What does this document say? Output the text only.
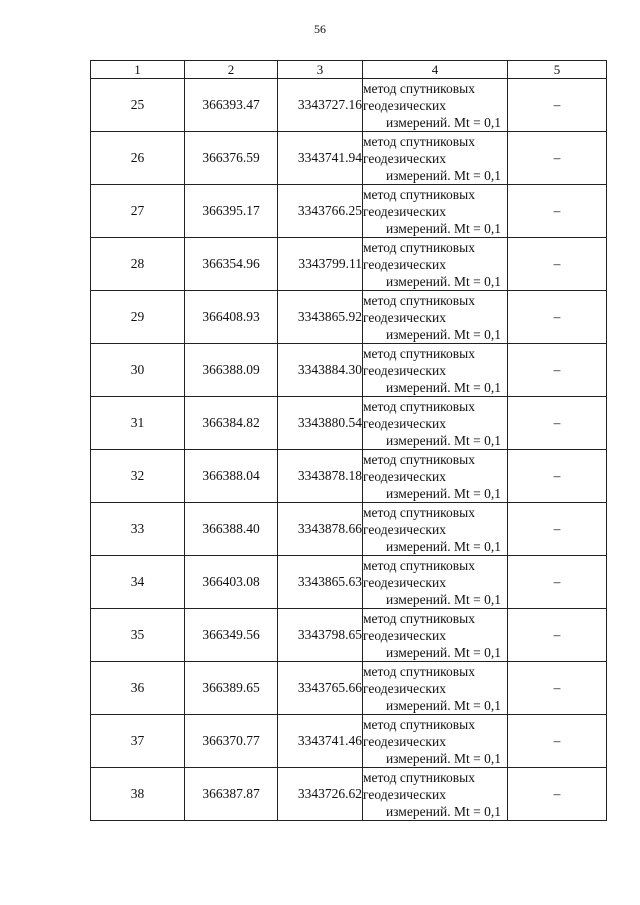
56
1	2	3	4	5
25	366393.47	3343727.16	метод спутниковых
геодезических
измерений. Mt = 0,1	–
26	366376.59	3343741.94	метод спутниковых
геодезических
измерений. Mt = 0,1	–
27	366395.17	3343766.25	метод спутниковых
геодезических
измерений. Mt = 0,1	–
28	366354.96	3343799.11	метод спутниковых
геодезических
измерений. Mt = 0,1	–
29	366408.93	3343865.92	метод спутниковых
геодезических
измерений. Mt = 0,1	–
30	366388.09	3343884.30	метод спутниковых
геодезических
измерений. Mt = 0,1	–
31	366384.82	3343880.54	метод спутниковых
геодезических
измерений. Mt = 0,1	–
32	366388.04	3343878.18	метод спутниковых
геодезических
измерений. Mt = 0,1	–
33	366388.40	3343878.66	метод спутниковых
геодезических
измерений. Mt = 0,1	–
34	366403.08	3343865.63	метод спутниковых
геодезических
измерений. Mt = 0,1	–
35	366349.56	3343798.65	метод спутниковых
геодезических
измерений. Mt = 0,1	–
36	366389.65	3343765.66	метод спутниковых
геодезических
измерений. Mt = 0,1	–
37	366370.77	3343741.46	метод спутниковых
геодезических
измерений. Mt = 0,1	–
38	366387.87	3343726.62	метод спутниковых
геодезических
измерений. Mt = 0,1	–
